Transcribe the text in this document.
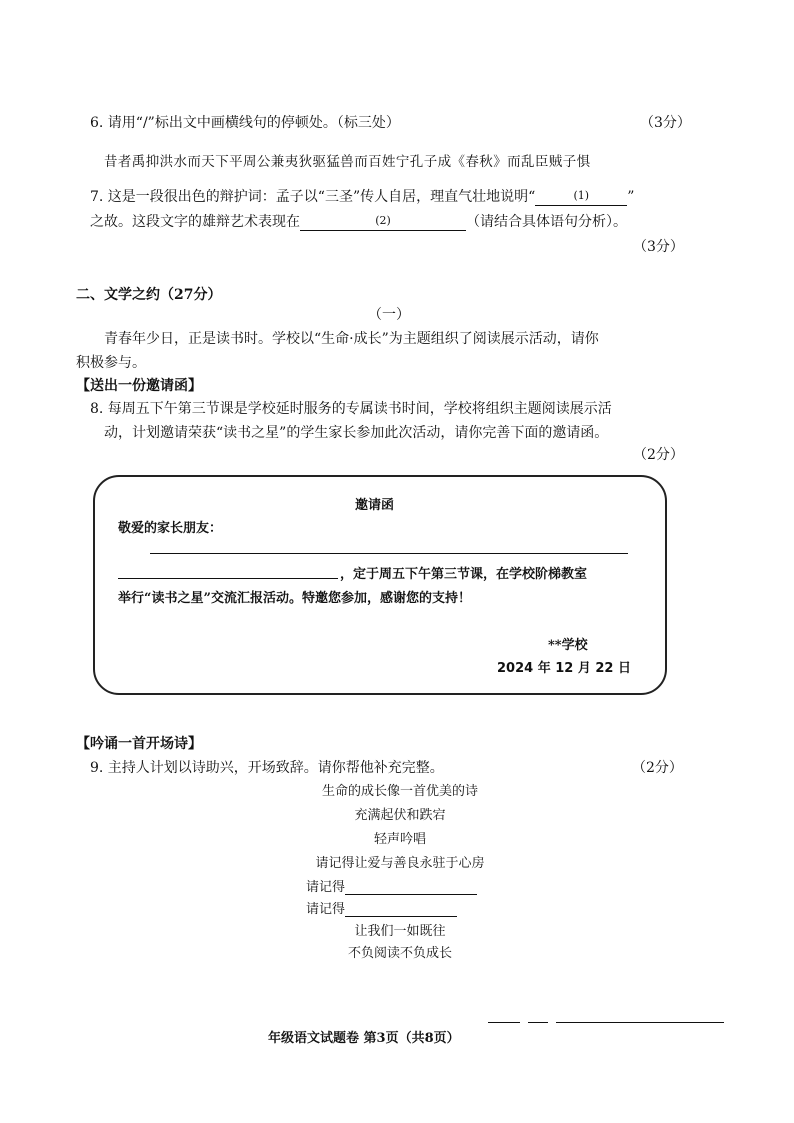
6. 请用“/”标出文中画横线句的停顿处。（标三处）	（3分）
昔者禹抑洪水而天下平周公兼夷狄驱猛兽而百姓宁孔子成《春秋》而乱臣贼子惧
7. 这是一段很出色的辩护词：孟子以“三圣”传人自居，理直气壮地说明“	(1)	”
之故。这段文字的雄辩艺术表现在	(2)	（请结合具体语句分析）。
（3分）
二、文学之约（27分）
（一）
青春年少日，正是读书时。学校以“生命·成长”为主题组织了阅读展示活动，请你
积极参与。
【送出一份邀请函】
8. 每周五下午第三节课是学校延时服务的专属读书时间，学校将组织主题阅读展示活
动，计划邀请荣获“读书之星”的学生家长参加此次活动，请你完善下面的邀请函。
（2分）
邀请函
敬爱的家长朋友：
，定于周五下午第三节课，在学校阶梯教室
举行“读书之星”交流汇报活动。特邀您参加，感谢您的支持！
**学校
2024 年 12 月 22 日
【吟诵一首开场诗】
9. 主持人计划以诗助兴，开场致辞。请你帮他补充完整。	（2分）
生命的成长像一首优美的诗
充满起伏和跌宕
轻声吟唱
请记得让爱与善良永驻于心房
请记得
请记得
让我们一如既往
不负阅读不负成长
年级语文试题卷 第3页（共8页）
